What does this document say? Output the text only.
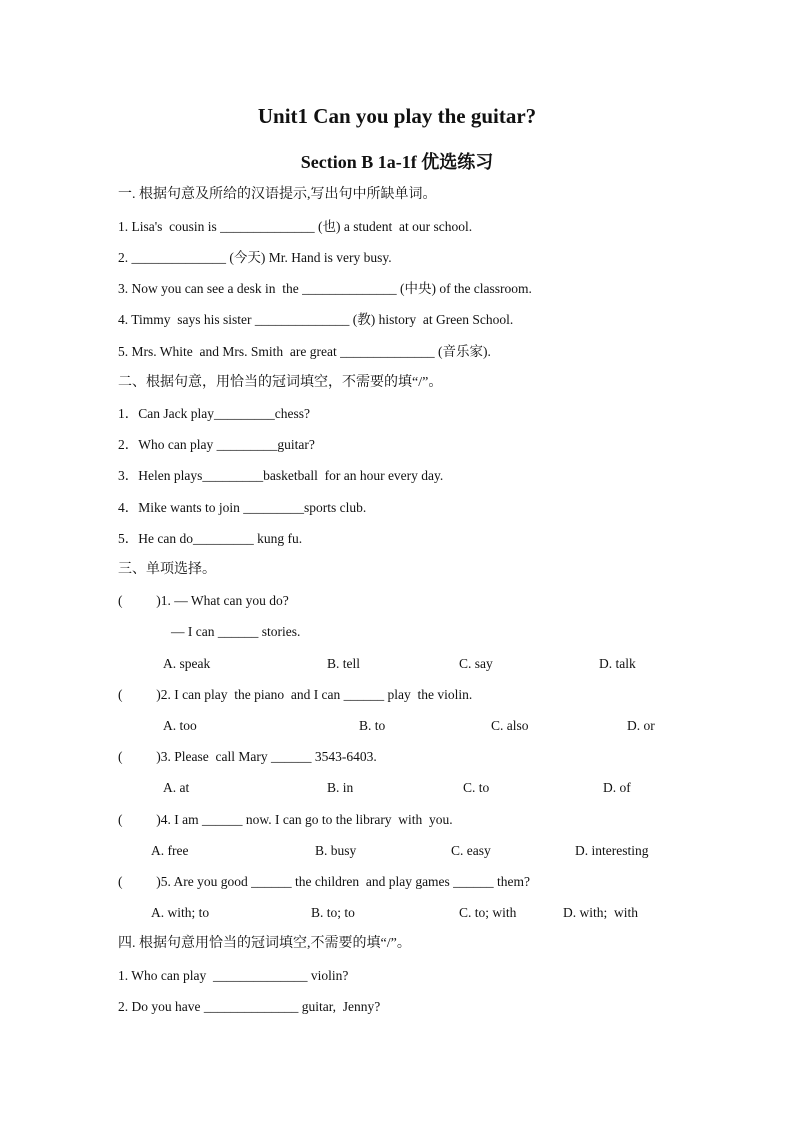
Unit1 Can you play the guitar?
Section B 1a-1f 优选练习
一. 根据句意及所给的汉语提示,写出句中所缺单词。
1. Lisa's  cousin is ______________ (也) a student  at our school.
2. ______________ (今天) Mr. Hand is very busy.
3. Now you can see a desk in  the ______________ (中央) of the classroom.
4. Timmy  says his sister ______________ (教) history  at Green School.
5. Mrs. White  and Mrs. Smith  are great ______________ (音乐家).
二、根据句意，用恰当的冠词填空，不需要的填“/”。
1．Can Jack play_________chess?
2．Who can play _________guitar?
3．Helen plays_________basketball  for an hour every day.
4．Mike wants to join _________sports club.
5．He can do_________ kung fu.
三、单项选择。
(          )1. — What can you do?
— I can ______ stories.
A. speak	B. tell	C. say	D. talk
(          )2. I can play  the piano  and I can ______ play  the violin.
A. too	B. to	C. also	D. or
(          )3. Please  call Mary ______ 3543-6403.
A. at	B. in	C. to	D. of
(          )4. I am ______ now. I can go to the library  with  you.
A. free	B. busy	C. easy	D. interesting
(          )5. Are you good ______ the children  and play games ______ them?
A. with; to	B. to; to	C. to; with	D. with;  with
四. 根据句意用恰当的冠词填空,不需要的填“/”。
1. Who can play  ______________ violin?
2. Do you have ______________ guitar,  Jenny?
